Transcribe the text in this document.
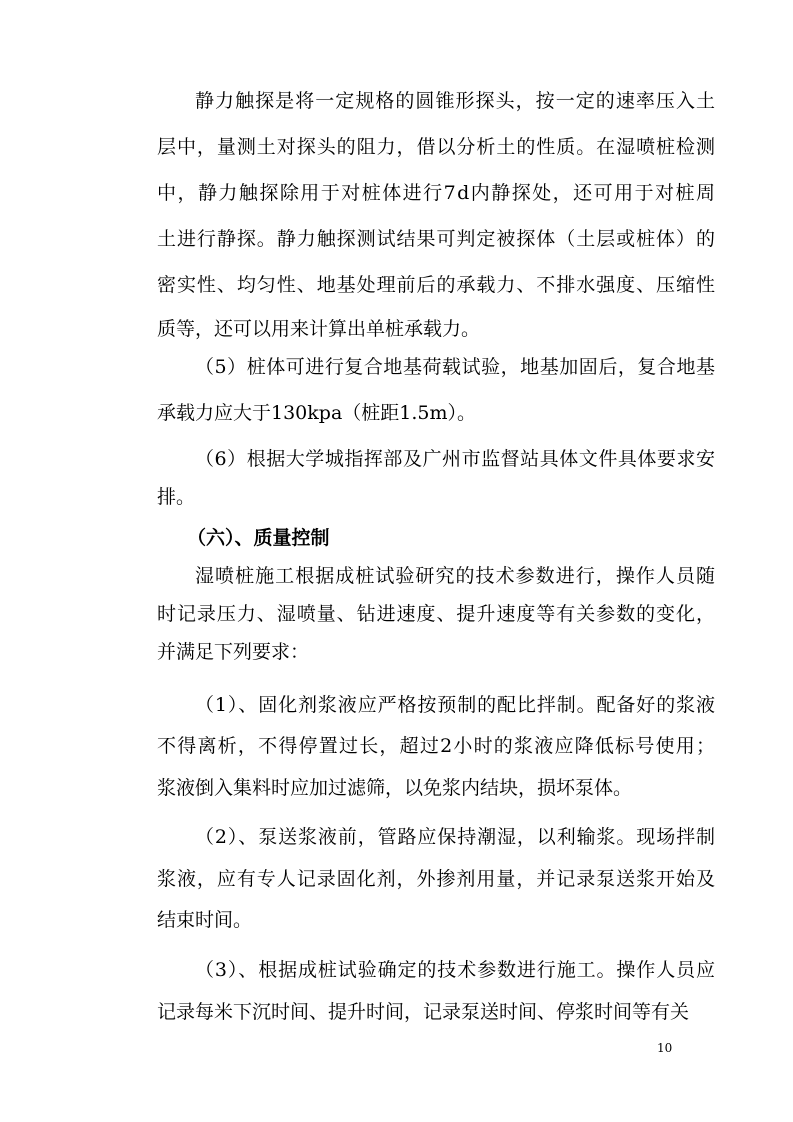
静力触探是将一定规格的圆锥形探头，按一定的速率压入土
层中，量测土对探头的阻力，借以分析土的性质。在湿喷桩检测
中，静力触探除用于对桩体进行7d内静探处，还可用于对桩周
土进行静探。静力触探测试结果可判定被探体（土层或桩体）的
密实性、均匀性、地基处理前后的承载力、不排水强度、压缩性
质等，还可以用来计算出单桩承载力。
（5）桩体可进行复合地基荷载试验，地基加固后，复合地基
承载力应大于130kpa（桩距1.5m）。
（6）根据大学城指挥部及广州市监督站具体文件具体要求安
排。
（六）、质量控制
湿喷桩施工根据成桩试验研究的技术参数进行，操作人员随
时记录压力、湿喷量、钻进速度、提升速度等有关参数的变化，
并满足下列要求：
（1）、固化剂浆液应严格按预制的配比拌制。配备好的浆液
不得离析，不得停置过长，超过2小时的浆液应降低标号使用；
浆液倒入集料时应加过滤筛，以免浆内结块，损坏泵体。
（2）、泵送浆液前，管路应保持潮湿，以利输浆。现场拌制
浆液，应有专人记录固化剂，外掺剂用量，并记录泵送浆开始及
结束时间。
（3）、根据成桩试验确定的技术参数进行施工。操作人员应
记录每米下沉时间、提升时间，记录泵送时间、停浆时间等有关
10
